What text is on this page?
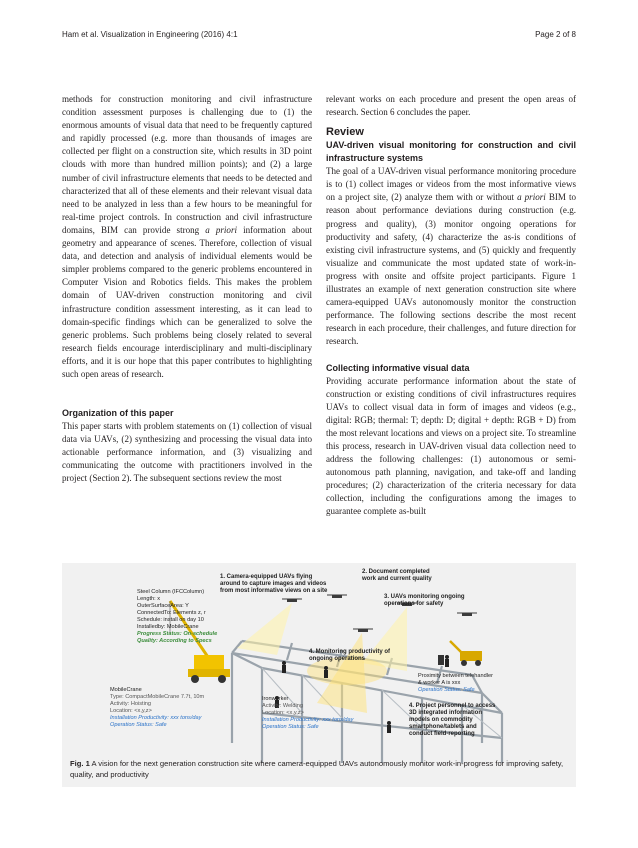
Ham et al. Visualization in Engineering (2016) 4:1	Page 2 of 8

methods for construction monitoring and civil infrastructure condition assessment purposes is challenging due to (1) the enormous amounts of visual data that need to be frequently captured and rapidly processed (e.g. more than thousands of images are collected per flight on a construction site, which results in 3D point clouds with more than hundred million points); and (2) a large number of civil infrastructure elements that needs to be detected and characterized that all of these elements and their relevant visual data need to be analyzed in less than a few hours to be meaningful for real-time project controls. In construction and civil infrastructure domains, BIM can provide strong a priori information about geometry and appearance of scenes. Therefore, collection of visual data, and detection and analysis of individual elements would be simpler problems compared to the generic problems encountered in Computer Vision and Robotics fields. This makes the problem domain of UAV-driven construction monitoring and civil infrastructure condition assessment interesting, as it can lead to domain-specific findings which can be generalized to solve the generic problems. Such problems being closely related to several research fields encourage interdisciplinary and multi-disciplinary efforts, and it is our hope that this paper contributes to highlighting such open areas of research.

Organization of this paper

This paper starts with problem statements on (1) collection of visual data via UAVs, (2) synthesizing and processing the visual data into actionable performance information, and (3) visualizing and communicating the outcome with practitioners involved in the project (Section 2). The subsequent sections review the most

relevant works on each procedure and present the open areas of research. Section 6 concludes the paper.

Review

UAV-driven visual monitoring for construction and civil infrastructure systems

The goal of a UAV-driven visual performance monitoring procedure is to (1) collect images or videos from the most informative views on a project site, (2) analyze them with or without a priori BIM to reason about performance deviations during construction (e.g. progress and quality), (3) monitor ongoing operations for productivity and safety, (4) characterize the as-is conditions of existing civil infrastructure systems, and (5) quickly and frequently visualize and communicate the most updated state of work-in-progress with onsite and offsite project participants. Figure 1 illustrates an example of next generation construction site where camera-equipped UAVs autonomously monitor the construction performance. The following sections describe the most recent research in each procedure, their challenges, and future direction for research.

Collecting informative visual data

Providing accurate performance information about the state of construction or existing conditions of civil infrastructures requires UAVs to collect visual data in form of images and videos (e.g., digital: RGB; thermal: T; depth: D; digital + depth: RGB + D) from the most relevant locations and views on a project site. To streamline this process, research in UAV-driven visual data collection need to address the following challenges: (1) autonomous or semi-autonomous path planning, navigation, and take-off and landing procedures; (2) characterization of the criteria necessary for data collection, including the configurations among the images to guarantee complete as-built

Steel Column (IFCColumn)
Length: x
OuterSurfaceArea: Y
ConnectedTo: Elements z, r
Schedule: install on day 10
Installedby: MobileCrane
Progress Status: On-schedule
Quality: According to Specs
1. Camera-equipped UAVs flying
around to capture images and videos
from most informative views on a site
2. Document completed
work and current quality
3. UAVs monitoring ongoing
operations for safety
4. Monitoring productivity of
ongoing operations
Proximity between telehandler
& worker A is xxx
Operation Status: Safe
MobileCrane
Type: CompactMobileCrane 7.7t, 10m
Activity: Hoisting
Location: <x,y,z>
Installation Productivity: xxx tons/day
Operation Status: Safe
Ironworker
Activity: Welding
Location: <x,y,z>
Installation Productivity: xxx tons/day
Operation Status: Safe
4. Project personnel to access
3D integrated information
models on commodity
smartphone/tablets and
conduct field-reporting
Fig. 1 A vision for the next generation construction site where camera-equipped UAVs autonomously monitor work-in-progress for improving safety, quality, and productivity
